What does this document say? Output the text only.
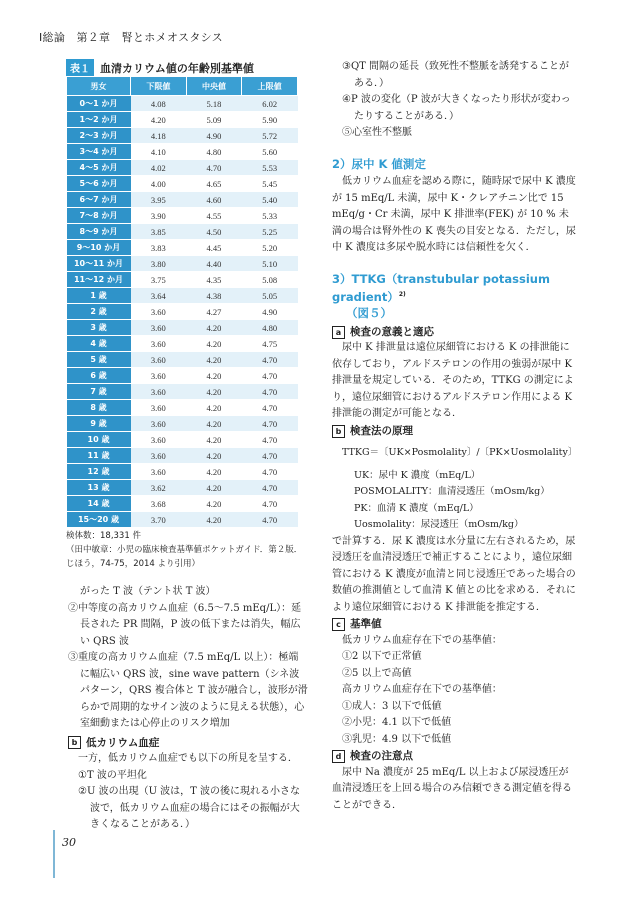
Ⅰ総論　第２章　腎とホメオスタシス
30
表１ 血清カリウム値の年齢別基準値
男女	下限値	中央値	上限値
0〜1 か月	4.08	5.18	6.02
1〜2 か月	4.20	5.09	5.90
2〜3 か月	4.18	4.90	5.72
3〜4 か月	4.10	4.80	5.60
4〜5 か月	4.02	4.70	5.53
5〜6 か月	4.00	4.65	5.45
6〜7 か月	3.95	4.60	5.40
7〜8 か月	3.90	4.55	5.33
8〜9 か月	3.85	4.50	5.25
9〜10 か月	3.83	4.45	5.20
10〜11 か月	3.80	4.40	5.10
11〜12 か月	3.75	4.35	5.08
1 歳	3.64	4.38	5.05
2 歳	3.60	4.27	4.90
3 歳	3.60	4.20	4.80
4 歳	3.60	4.20	4.75
5 歳	3.60	4.20	4.70
6 歳	3.60	4.20	4.70
7 歳	3.60	4.20	4.70
8 歳	3.60	4.20	4.70
9 歳	3.60	4.20	4.70
10 歳	3.60	4.20	4.70
11 歳	3.60	4.20	4.70
12 歳	3.60	4.20	4.70
13 歳	3.62	4.20	4.70
14 歳	3.68	4.20	4.70
15〜20 歳	3.70	4.20	4.70
検体数：18,331 件
（田中敏章：小児の臨床検査基準値ポケットガイド．第２版．じほう，74-75，2014 より引用）
がった T 波（テント状 T 波）
②中等度の高カリウム血症（6.5〜7.5 mEq/L）：延長された PR 間隔，P 波の低下または消失，幅広い QRS 波
③重度の高カリウム血症（7.5 mEq/L 以上）：極端に幅広い QRS 波，sine wave pattern（シネ波パターン，QRS 複合体と T 波が融合し，波形が滑らかで周期的なサイン波のように見える状態），心室細動または心停止のリスク増加
b 低カリウム血症
一方，低カリウム血症でも以下の所見を呈する．
①T 波の平坦化
②U 波の出現（U 波は，T 波の後に現れる小さな波で，低カリウム血症の場合にはその振幅が大きくなることがある．）
③QT 間隔の延長（致死性不整脈を誘発することがある．）
④P 波の変化（P 波が大きくなったり形状が変わったりすることがある．）
⑤心室性不整脈
2）尿中 K 値測定
低カリウム血症を認める際に，随時尿で尿中 K 濃度が 15 mEq/L 未満，尿中 K・クレアチニン比で 15 mEq/g・Cr 未満，尿中 K 排泄率(FEK) が 10 % 未満の場合は腎外性の K 喪失の目安となる．ただし，尿中 K 濃度は多尿や脱水時には信頼性を欠く．
3）TTKG（transtubular potassium gradient）$^{2)}$
（図５）
a 検査の意義と適応
尿中 K 排泄量は遠位尿細管における K の排泄能に依存しており，アルドステロンの作用の強弱が尿中 K 排泄量を規定している．そのため，TTKG の測定により，遠位尿細管におけるアルドステロン作用による K 排泄能の測定が可能となる．
b 検査法の原理
TTKG＝〔UK×Posmolality〕/〔PK×Uosmolality〕
UK：尿中 K 濃度（mEq/L）
POSMOLALITY：血清浸透圧（mOsm/kg）
PK：血清 K 濃度（mEq/L）
Uosmolality：尿浸透圧（mOsm/kg）
で計算する．尿 K 濃度は水分量に左右されるため，尿浸透圧を血清浸透圧で補正することにより，遠位尿細管における K 濃度が血清と同じ浸透圧であった場合の数値の推測値として血清 K 値との比を求める．それにより遠位尿細管における K 排泄能を推定する．
c 基準値
低カリウム血症存在下での基準値：
①2 以下で正常値
②5 以上で高値
高カリウム血症存在下での基準値：
①成人：3 以下で低値
②小児：4.1 以下で低値
③乳児：4.9 以下で低値
d 検査の注意点
尿中 Na 濃度が 25 mEq/L 以上および尿浸透圧が血清浸透圧を上回る場合のみ信頼できる測定値を得ることができる．
